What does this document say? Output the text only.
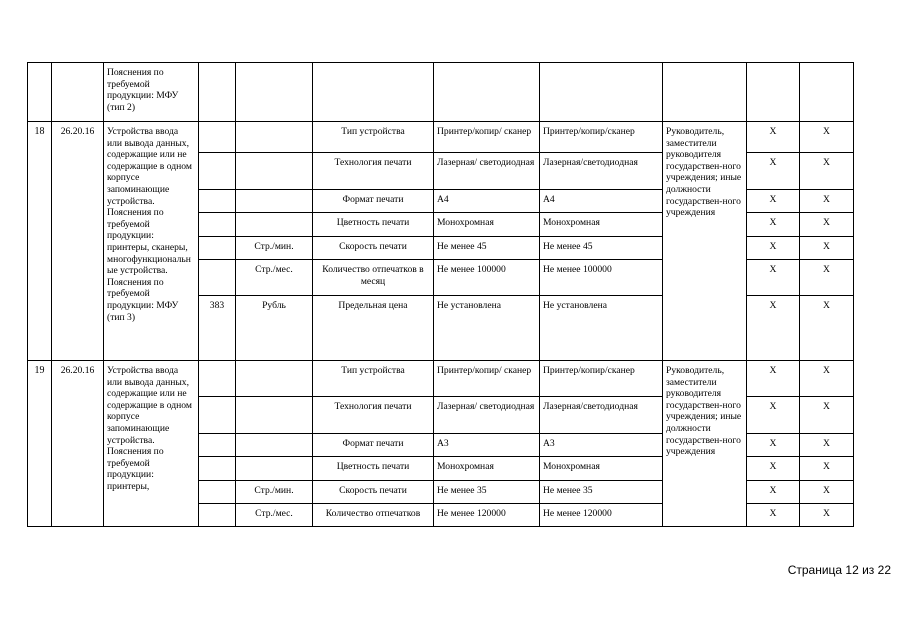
		Пояснения по требуемой продукции: МФУ (тип 2)								
18	26.20.16	Устройства ввода или вывода данных, содержащие или не содержащие в одном корпусе запоминающие устройства. Пояснения по требуемой продукции: принтеры, сканеры, многофункциональные устройства. Пояснения по требуемой продукции: МФУ (тип 3)			Тип устройства	Принтер/копир/ сканер	Принтер/копир/сканер	Руководитель, заместители руководителя государствен-ного учреждения; иные должности государствен-ного учреждения	X	X
					Технология печати	Лазерная/ светодиодная	Лазерная/светодиодная		X	X
					Формат печати	А4	А4		X	X
					Цветность печати	Монохромная	Монохромная		X	X
				Стр./мин.	Скорость печати	Не менее 45	Не менее 45		X	X
				Стр./мес.	Количество отпечатков в месяц	Не менее 100000	Не менее 100000		X	X
			383	Рубль	Предельная цена	Не установлена	Не установлена		X	X
19	26.20.16	Устройства ввода или вывода данных, содержащие или не содержащие в одном корпусе запоминающие устройства. Пояснения по требуемой продукции: принтеры,			Тип устройства	Принтер/копир/ сканер	Принтер/копир/сканер	Руководитель, заместители руководителя государствен-ного учреждения; иные должности государствен-ного учреждения	X	X
					Технология печати	Лазерная/ светодиодная	Лазерная/светодиодная		X	X
					Формат печати	А3	А3		X	X
					Цветность печати	Монохромная	Монохромная		X	X
				Стр./мин.	Скорость печати	Не менее 35	Не менее 35		X	X
				Стр./мес.	Количество отпечатков	Не менее 120000	Не менее 120000		X	X
Страница 12 из 22
